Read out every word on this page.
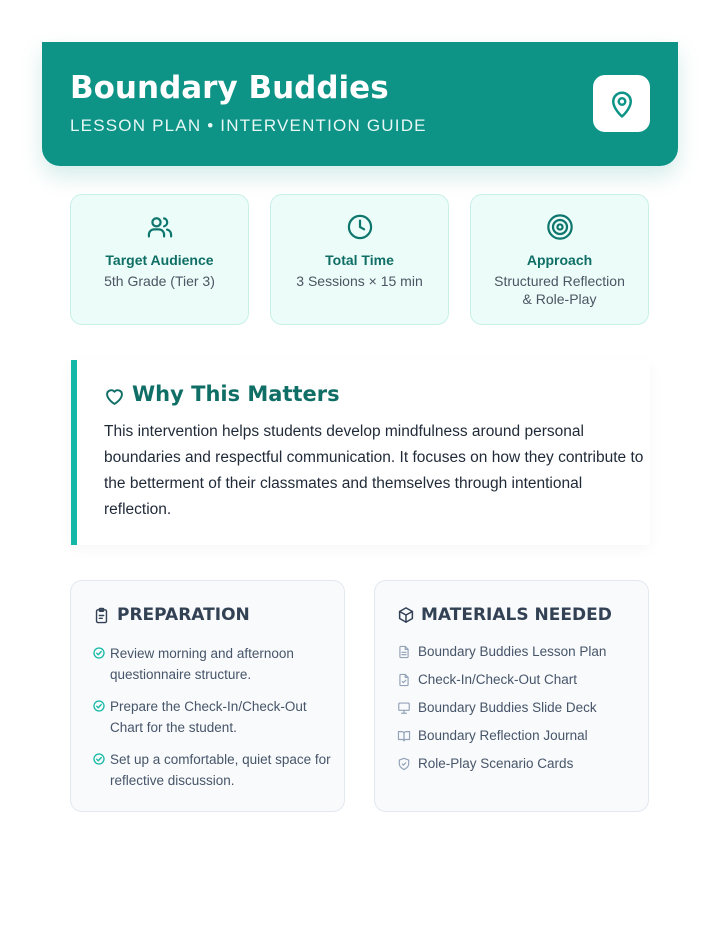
Boundary Buddies
LESSON PLAN • INTERVENTION GUIDE
Target Audience
5th Grade (Tier 3)
Total Time
3 Sessions × 15 min
Approach
Structured Reflection
& Role-Play
Why This Matters
This intervention helps students develop mindfulness around personal boundaries and respectful communication. It focuses on how they contribute to the betterment of their classmates and themselves through intentional reflection.
PREPARATION
Review morning and afternoon questionnaire structure.
Prepare the Check-In/Check-Out Chart for the student.
Set up a comfortable, quiet space for reflective discussion.
MATERIALS NEEDED
Boundary Buddies Lesson Plan
Check-In/Check-Out Chart
Boundary Buddies Slide Deck
Boundary Reflection Journal
Role-Play Scenario Cards
